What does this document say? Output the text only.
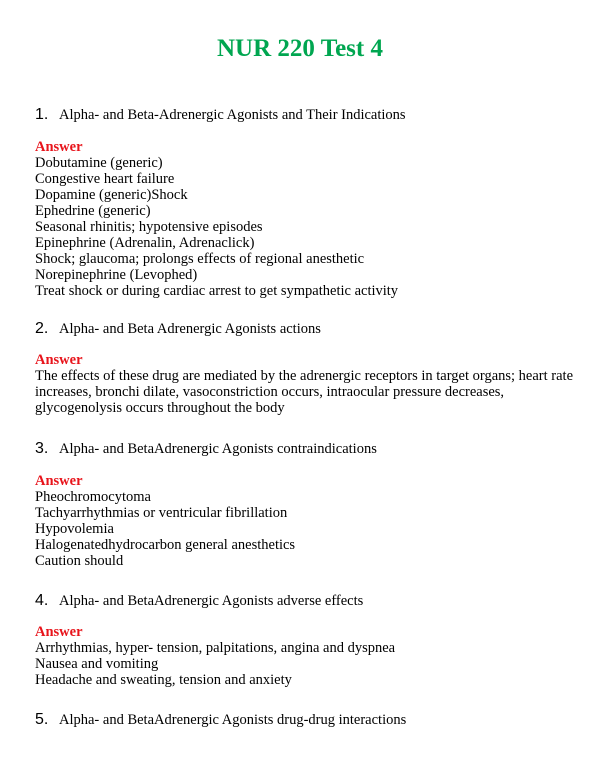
NUR 220 Test 4
1. Alpha- and Beta-Adrenergic Agonists and Their Indications
Answer
Dobutamine (generic)
Congestive heart failure
Dopamine (generic)Shock
Ephedrine (generic)
Seasonal rhinitis; hypotensive episodes
Epinephrine (Adrenalin, Adrenaclick)
Shock; glaucoma; prolongs effects of regional anesthetic
Norepinephrine (Levophed)
Treat shock or during cardiac arrest to get sympathetic activity
2. Alpha- and Beta Adrenergic Agonists actions
Answer
The effects of these drug are mediated by the adrenergic receptors in target organs; heart rate increases, bronchi dilate, vasoconstriction occurs, intraocular pressure decreases, glycogenolysis occurs throughout the body
3. Alpha- and BetaAdrenergic Agonists contraindications
Answer
Pheochromocytoma
Tachyarrhythmias or ventricular fibrillation
Hypovolemia
Halogenatedhydrocarbon general anesthetics
Caution should
4. Alpha- and BetaAdrenergic Agonists adverse effects
Answer
Arrhythmias, hyper- tension, palpitations, angina and dyspnea
Nausea and vomiting
Headache and sweating, tension and anxiety
5. Alpha- and BetaAdrenergic Agonists drug-drug interactions
